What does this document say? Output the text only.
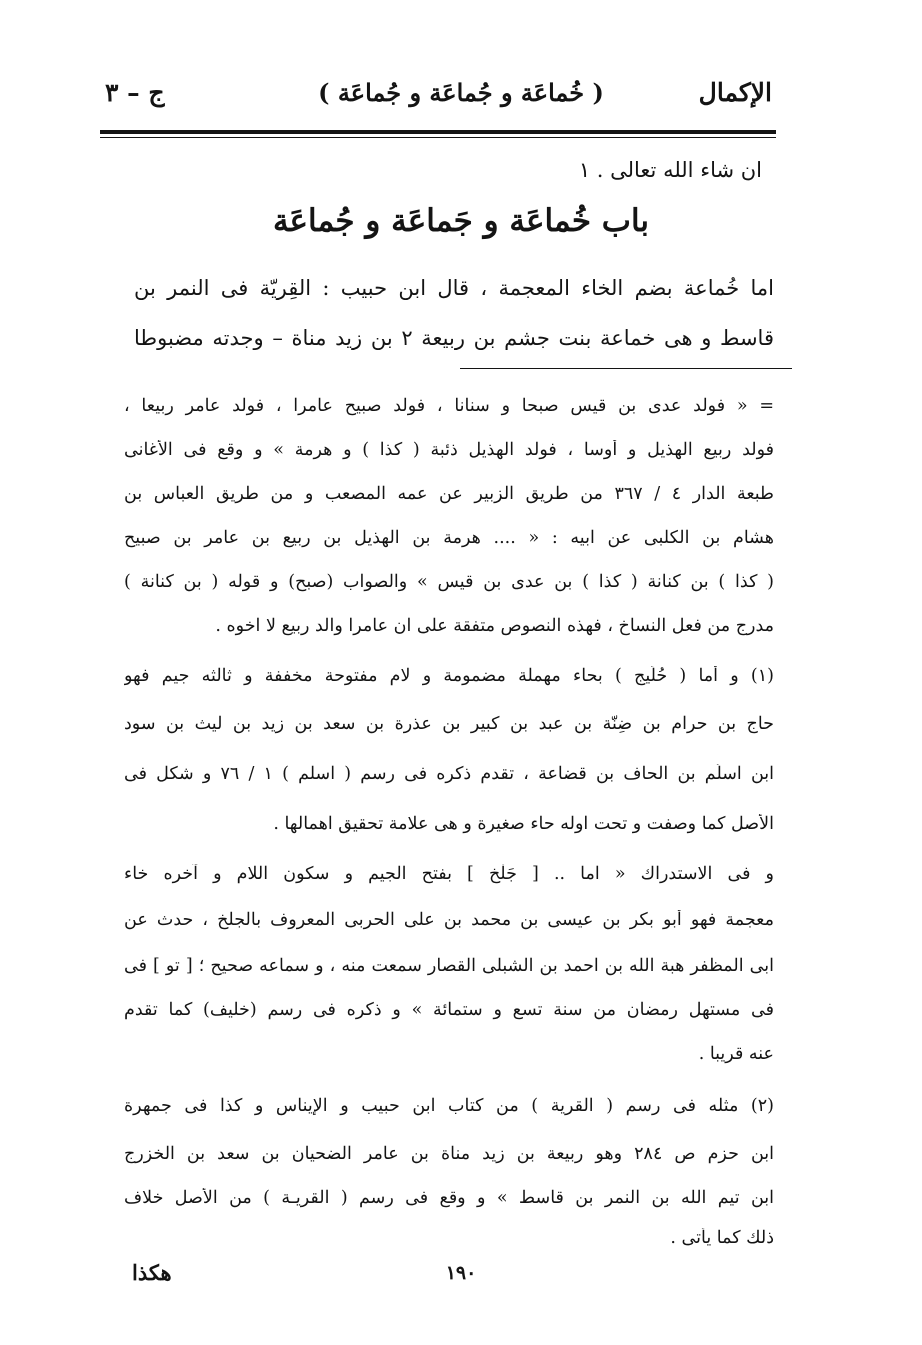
الإكمال
( خُماعَة و جُماعَة و جُماعَة )
ج – ٣
ان شاء الله تعالى . ١
باب خُماعَة و جَماعَة و جُماعَة
اما خُماعة بضم الخاء المعجمة ، قال ابن حبيب : القِرِيّة فى النمر بن
قاسط و هى خماعة بنت جشم بن ربيعة ٢ بن زيد مناة – وجدته مضبوطا
= « فولد عدى بن قيس صبحا و سنانا ، فولد صبيح عامرا ، فولد عامر ربيعا ،
فولد ربيع الهذيل و أوسا ، فولد الهذيل ذئبة ( كذا ) و هرمة » و وقع فى الأغانى
طبعة الدار ٤ / ٣٦٧ من طريق الزبير عن عمه المصعب و من طريق العباس بن
هشام بن الكلبى عن ابيه : « .... هرمة بن الهذيل بن ربيع بن عامر بن صبيح
( كذا ) بن كنانة ( كذا ) بن عدى بن قيس » والصواب (صبح) و قوله ( بن كنانة )
مدرج من فعل النساخ ، فهذه النصوص متفقة على ان عامرا والد ربيع لا اخوه .
(١) و أما ( حُلَيج ) بحاء مهملة مضمومة و لام مفتوحة مخففة و ثالثه جيم فهو
حاج بن حرام بن ضِنّة بن عبد بن كبير بن عذرة بن سعد بن زيد بن ليث بن سود
ابن اسلُم بن الحاف بن قضاعة ، تقدم ذكره فى رسم ( اسلم ) ١ / ٧٦ و شكل فى
الأصل كما وصفت و تحت اوله حاء صغيرة و هى علامة تحقيق اهمالها .
و فى الاستدراك « اما .. [ جَلْخ ] بفتح الجيم و سكون اللام و آخره خاء
معجمة فهو أبو بكر بن عيسى بن محمد بن على الحربى المعروف بالجلخ ، حدث عن
ابى المظفر هبة الله بن احمد بن الشبلى القصار سمعت منه ، و سماعه صحيح ؛ [ تو ] فى
فى مستهل رمضان من سنة تسع و ستمائة » و ذكره فى رسم (خليف) كما تقدم
عنه قريبا .
(٢) مثله فى رسم ( القرية ) من كتاب ابن حبيب و الإيناس و كذا فى جمهرة
ابن حزم ص ٢٨٤ وهو ربيعة بن زيد مناة بن عامر الضحيان بن سعد بن الخزرج
ابن تيم الله بن النمر بن قاسط » و وقع فى رسم ( القريـة ) من الأصل خلاف
ذلك كما يأتى .
١٩٠
هكذا
